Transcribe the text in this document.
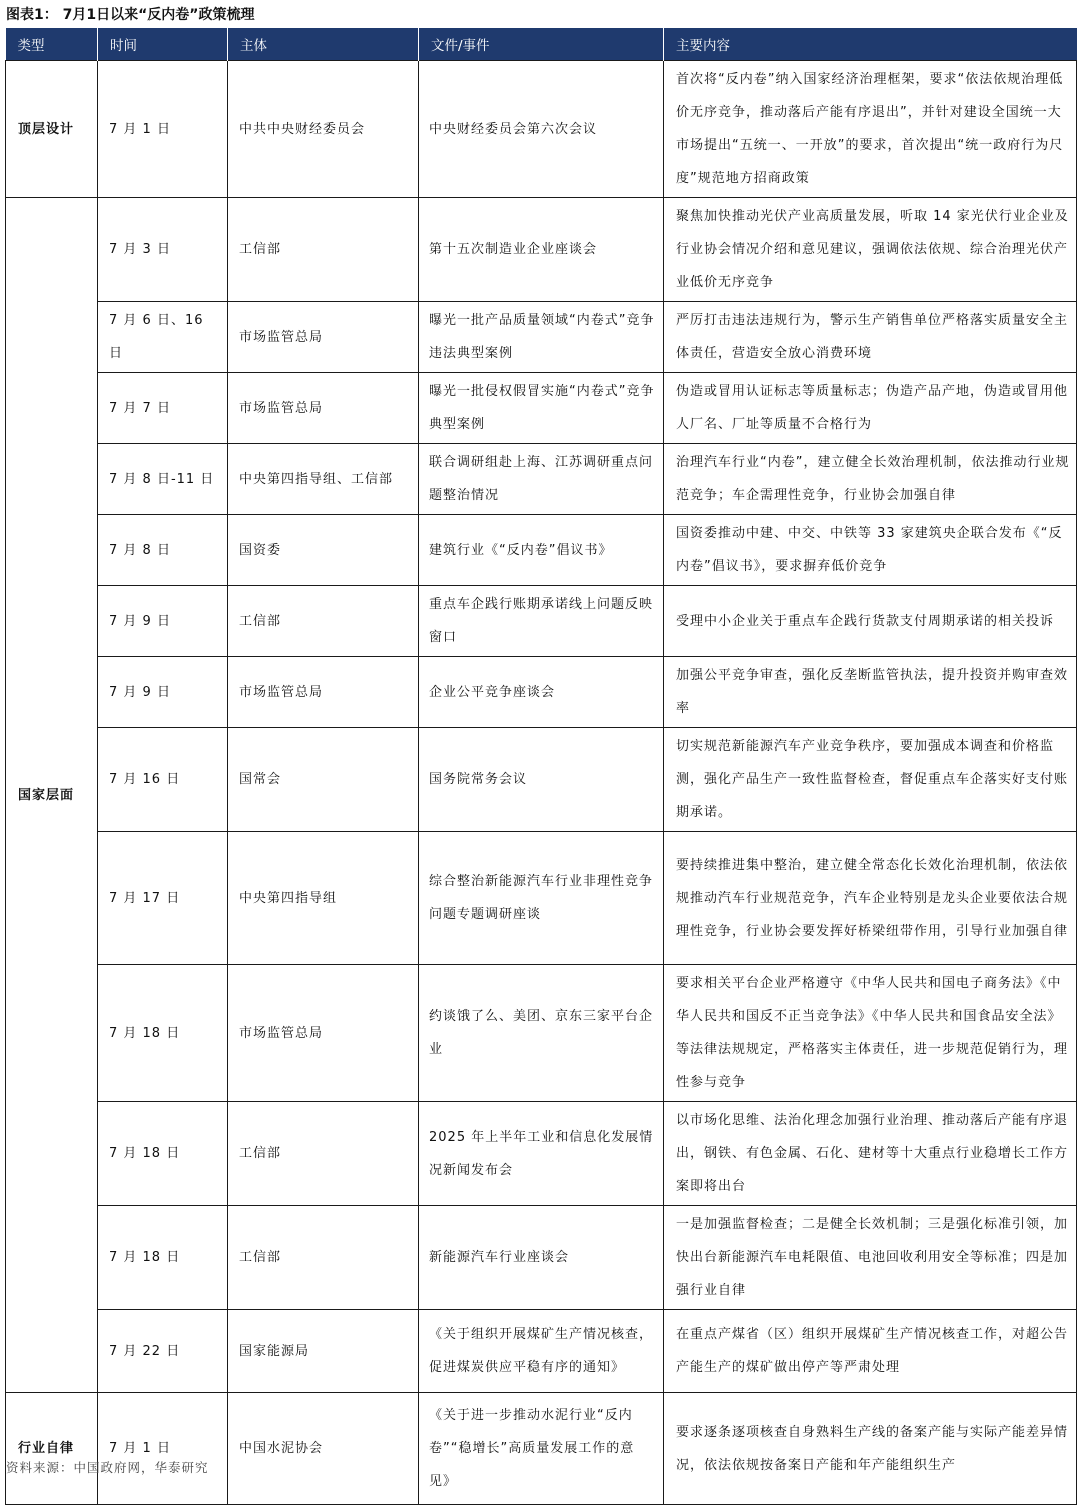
图表1： 7月1日以来“反内卷”政策梳理
类型	时间	主体	文件/事件	主要内容
顶层设计	7 月 1 日	中共中央财经委员会	中央财经委员会第六次会议	首次将“反内卷”纳入国家经济治理框架，要求“依法依规治理低价无序竞争，推动落后产能有序退出”，并针对建设全国统一大市场提出“五统一、一开放”的要求，首次提出“统一政府行为尺度”规范地方招商政策
国家层面	7 月 3 日	工信部	第十五次制造业企业座谈会	聚焦加快推动光伏产业高质量发展，听取 14 家光伏行业企业及行业协会情况介绍和意见建议，强调依法依规、综合治理光伏产业低价无序竞争
	7 月 6 日、16 日	市场监管总局	曝光一批产品质量领域“内卷式”竞争违法典型案例	严厉打击违法违规行为，警示生产销售单位严格落实质量安全主体责任，营造安全放心消费环境
	7 月 7 日	市场监管总局	曝光一批侵权假冒实施“内卷式”竞争典型案例	伪造或冒用认证标志等质量标志；伪造产品产地，伪造或冒用他人厂名、厂址等质量不合格行为
	7 月 8 日-11 日	中央第四指导组、工信部	联合调研组赴上海、江苏调研重点问题整治情况	治理汽车行业“内卷”，建立健全长效治理机制，依法推动行业规范竞争；车企需理性竞争，行业协会加强自律
	7 月 8 日	国资委	建筑行业《“反内卷”倡议书》	国资委推动中建、中交、中铁等 33 家建筑央企联合发布《“反内卷”倡议书》，要求摒弃低价竞争
	7 月 9 日	工信部	重点车企践行账期承诺线上问题反映窗口	受理中小企业关于重点车企践行货款支付周期承诺的相关投诉
	7 月 9 日	市场监管总局	企业公平竞争座谈会	加强公平竞争审查，强化反垄断监管执法，提升投资并购审查效率
	7 月 16 日	国常会	国务院常务会议	切实规范新能源汽车产业竞争秩序，要加强成本调查和价格监测，强化产品生产一致性监督检查，督促重点车企落实好支付账期承诺。
	7 月 17 日	中央第四指导组	综合整治新能源汽车行业非理性竞争问题专题调研座谈	要持续推进集中整治，建立健全常态化长效化治理机制，依法依规推动汽车行业规范竞争，汽车企业特别是龙头企业要依法合规理性竞争，行业协会要发挥好桥梁纽带作用，引导行业加强自律
	7 月 18 日	市场监管总局	约谈饿了么、美团、京东三家平台企业	要求相关平台企业严格遵守《中华人民共和国电子商务法》《中华人民共和国反不正当竞争法》《中华人民共和国食品安全法》等法律法规规定，严格落实主体责任，进一步规范促销行为，理性参与竞争
	7 月 18 日	工信部	2025 年上半年工业和信息化发展情况新闻发布会	以市场化思维、法治化理念加强行业治理、推动落后产能有序退出，钢铁、有色金属、石化、建材等十大重点行业稳增长工作方案即将出台
	7 月 18 日	工信部	新能源汽车行业座谈会	一是加强监督检查；二是健全长效机制；三是强化标准引领，加快出台新能源汽车电耗限值、电池回收利用安全等标准；四是加强行业自律
	7 月 22 日	国家能源局	《关于组织开展煤矿生产情况核查，促进煤炭供应平稳有序的通知》	在重点产煤省（区）组织开展煤矿生产情况核查工作，对超公告产能生产的煤矿做出停产等严肃处理
行业自律	7 月 1 日	中国水泥协会	《关于进一步推动水泥行业“反内卷”“稳增长”高质量发展工作的意见》	要求逐条逐项核查自身熟料生产线的备案产能与实际产能差异情况，依法依规按备案日产能和年产能组织生产
资料来源：中国政府网，华泰研究
